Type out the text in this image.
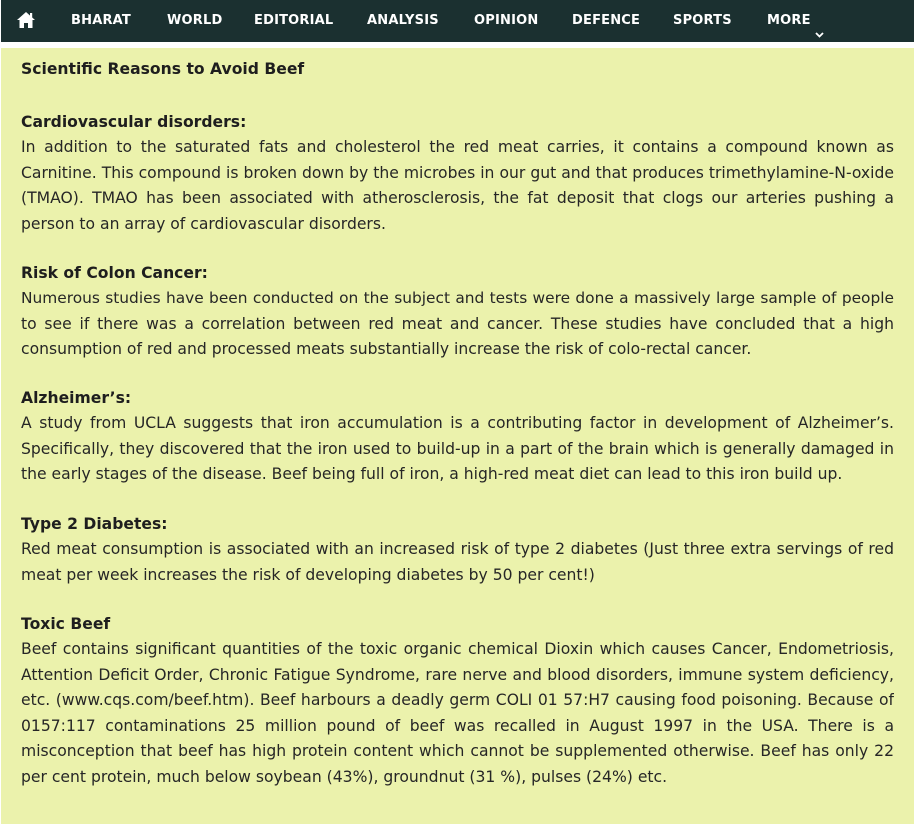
BHARAT	WORLD EDITORIAL	ANALYSIS	OPINION	DEFENCE	SPORTS	MORE
Scientific Reasons to Avoid Beef

Cardiovascular disorders:

In addition to the saturated fats and cholesterol the red meat carries, it contains a compound known as
Carnitine. This compound is broken down by the microbes in our gut and that produces trimethylamine-N-oxide
(TMAO). TMAO has been associated with atherosclerosis, the fat deposit that clogs our arteries pushing a
person to an array of cardiovascular disorders.

Risk of Colon Cancer:

Numerous studies have been conducted on the subject and tests were done a massively large sample of people
to see if there was a correlation between red meat and cancer. These studies have concluded that a high
consumption of red and processed meats substantially increase the risk of colo-rectal cancer.

Alzheimer’s:

A study from UCLA suggests that iron accumulation is a contributing factor in development of Alzheimer’s.
Specifically, they discovered that the iron used to build-up in a part of the brain which is generally damaged in
the early stages of the disease. Beef being full of iron, a high-red meat diet can lead to this iron build up.

Type 2 Diabetes:

Red meat consumption is associated with an increased risk of type 2 diabetes (Just three extra servings of red
meat per week increases the risk of developing diabetes by 50 per cent!)

Toxic Beef

Beef contains significant quantities of the toxic organic chemical Dioxin which causes Cancer, Endometriosis,
Attention Deficit Order, Chronic Fatigue Syndrome, rare nerve and blood disorders, immune system deficiency,
etc. (www.cqs.com/beef.htm). Beef harbours a deadly germ COLI 01 57:H7 causing food poisoning. Because of
0157:117 contaminations 25 million pound of beef was recalled in August 1997 in the USA. There is a
misconception that beef has high protein content which cannot be supplemented otherwise. Beef has only 22
per cent protein, much below soybean (43%), groundnut (31 %), pulses (24%) etc.
